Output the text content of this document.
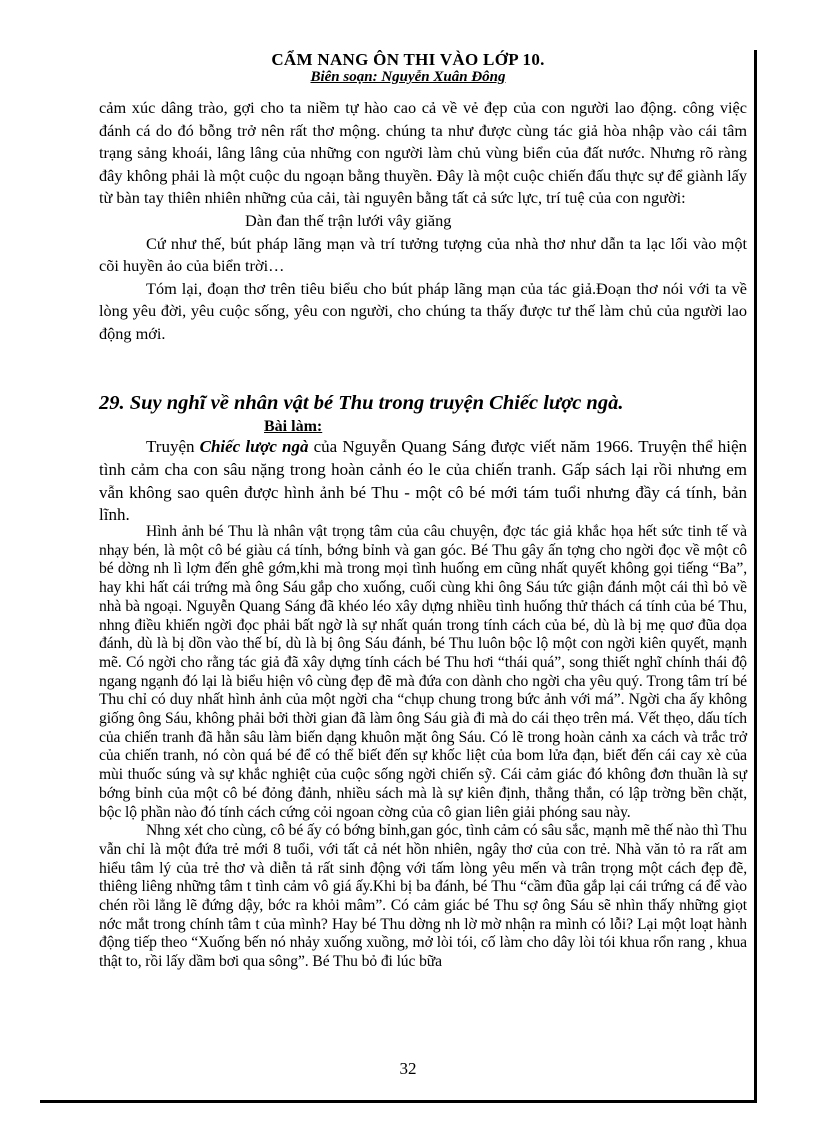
CẨM NANG ÔN THI VÀO LỚP 10.
Biên soạn: Nguyễn Xuân Đông

cảm xúc dâng trào, gợi cho ta niềm tự hào cao cả về vẻ đẹp của con người lao động. công việc đánh cá do đó bỗng trở nên rất thơ mộng. chúng ta như được cùng tác giả hòa nhập vào cái tâm trạng sảng khoái, lâng lâng của những con người làm chủ vùng biển của đất nước. Nhưng rõ ràng đây không phải là một cuộc du ngoạn bằng thuyền. Đây là một cuộc chiến đấu thực sự để giành lấy từ bàn tay thiên nhiên những của cải, tài nguyên bằng tất cả sức lực, trí tuệ của con người:

Dàn đan thế trận lưới vây giăng

Cứ như thế, bút pháp lãng mạn và trí tưởng tượng của nhà thơ như dẫn ta lạc lối vào một cõi huyền ảo của biển trời…

Tóm lại, đoạn thơ trên tiêu biểu cho bút pháp lãng mạn của tác giả.Đoạn thơ nói với ta về lòng yêu đời, yêu cuộc sống, yêu con người, cho chúng ta thấy được tư thế làm chủ của người lao động mới.

29. Suy nghĩ về nhân vật bé Thu trong truyện Chiếc lược ngà.
Bài làm:

Truyện Chiếc lược ngà của Nguyễn Quang Sáng được viết năm 1966. Truyện thể hiện tình cảm cha con sâu nặng trong hoàn cảnh éo le của chiến tranh. Gấp sách lại rồi nhưng em vẫn không sao quên được hình ảnh bé Thu - một cô bé mới tám tuổi nhưng đầy cá tính, bản lĩnh.

Hình ảnh bé Thu là nhân vật trọng tâm của câu chuyện, đợc tác giả khắc họa hết sức tinh tế và nhạy bén, là một cô bé giàu cá tính, bớng bỉnh và gan góc. Bé Thu gây ấn tợng cho ngời đọc về một cô bé dờng nh lì lợm đến ghê gớm,khi mà trong mọi tình huống em cũng nhất quyết không gọi tiếng “Ba”, hay khi hất cái trứng mà ông Sáu gắp cho xuống, cuối cùng khi ông Sáu tức giận đánh một cái thì bỏ về nhà bà ngoại. Nguyễn Quang Sáng đã khéo léo xây dựng nhiều tình huống thử thách cá tính của bé Thu, nhng điều khiến ngời đọc phải bất ngờ là sự nhất quán trong tính cách của bé, dù là bị mẹ quơ đũa dọa đánh, dù là bị dồn vào thế bí, dù là bị ông Sáu đánh, bé Thu luôn bộc lộ một con ngời kiên quyết, mạnh mẽ. Có ngời cho rằng tác giả đã xây dựng tính cách bé Thu hơi “thái quá”, song thiết nghĩ chính thái độ ngang ngạnh đó lại là biểu hiện vô cùng đẹp đẽ mà đứa con dành cho ngời cha yêu quý. Trong tâm trí bé Thu chỉ có duy nhất hình ảnh của một ngời cha “chụp chung trong bức ảnh với má”. Ngời cha ấy không giống ông Sáu, không phải bởi thời gian đã làm ông Sáu già đi mà do cái thẹo trên má. Vết thẹo, dấu tích của chiến tranh đã hằn sâu làm biến dạng khuôn mặt ông Sáu. Có lẽ trong hoàn cảnh xa cách và trắc trở của chiến tranh, nó còn quá bé để có thể biết đến sự khốc liệt của bom lửa đạn, biết đến cái cay xè của mùi thuốc súng và sự khắc nghiệt của cuộc sống ngời chiến sỹ. Cái cảm giác đó không đơn thuần là sự bớng bỉnh của một cô bé đỏng đảnh, nhiều sách mà là sự kiên định, thẳng thắn, có lập trờng bền chặt, bộc lộ phần nào đó tính cách cứng cỏi ngoan cờng của cô gian liên giải phóng sau này.

Nhng xét cho cùng, cô bé ấy có bớng bỉnh,gan góc, tình cảm có sâu sắc, mạnh mẽ thế nào thì Thu vẫn chỉ là một đứa trẻ mới 8 tuổi, với tất cả nét hồn nhiên, ngây thơ của con trẻ. Nhà văn tỏ ra rất am hiểu tâm lý của trẻ thơ và diễn tả rất sinh động với tấm lòng yêu mến và trân trọng một cách đẹp đẽ, thiêng liêng những tâm t tình cảm vô giá ấy.Khi bị ba đánh, bé Thu “cầm đũa gắp lại cái trứng cá để vào chén rồi lẳng lẽ đứng dậy, bớc ra khỏi mâm”. Có cảm giác bé Thu sợ ông Sáu sẽ nhìn thấy những giọt nớc mắt trong chính tâm t của mình? Hay bé Thu dờng nh lờ mờ nhận ra mình có lỗi? Lại một loạt hành động tiếp theo “Xuống bến nó nhảy xuống xuồng, mở lòi tói, cố làm cho dây lòi tói khua rổn rang , khua thật to, rồi lấy dầm bơi qua sông”. Bé Thu bỏ đi lúc bữa

32
